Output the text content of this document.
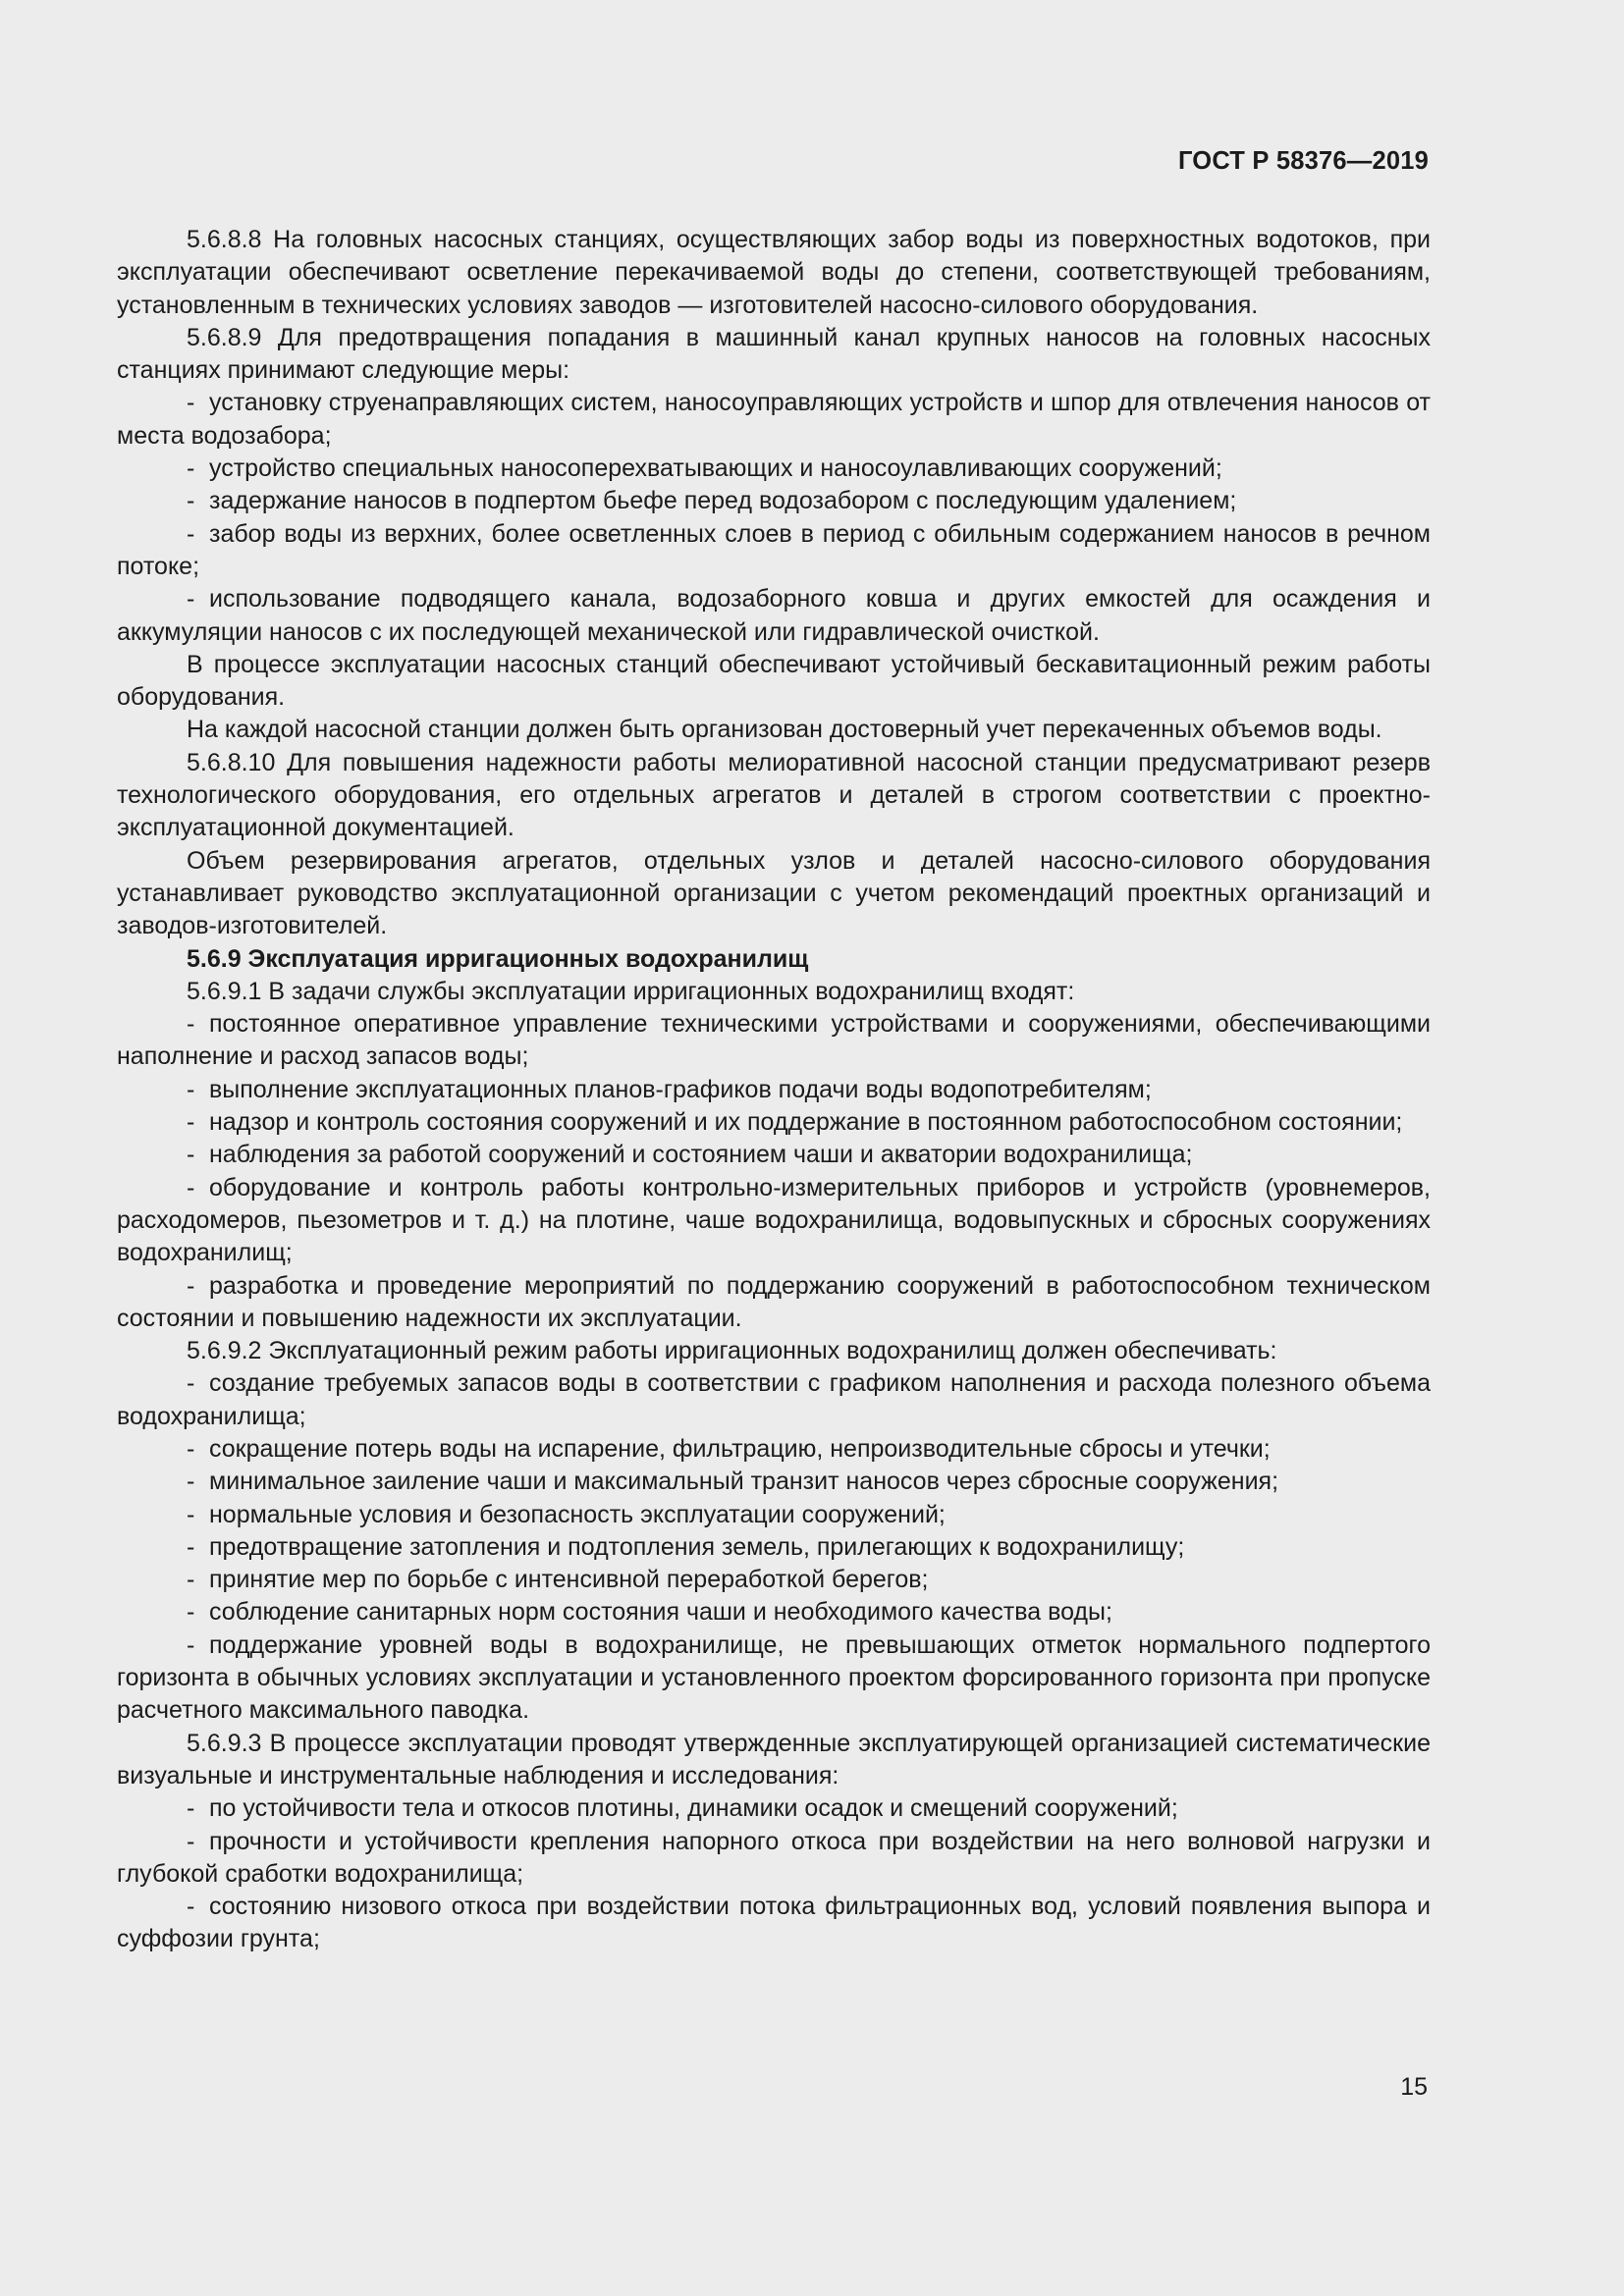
ГОСТ Р 58376—2019

5.6.8.8 На головных насосных станциях, осуществляющих забор воды из поверхностных водотоков, при эксплуатации обеспечивают осветление перекачиваемой воды до степени, соответствующей требованиям, установленным в технических условиях заводов — изготовителей насосно-силового оборудования.

5.6.8.9 Для предотвращения попадания в машинный канал крупных наносов на головных насосных станциях принимают следующие меры:

- установку струенаправляющих систем, наносоуправляющих устройств и шпор для отвлечения наносов от места водозабора;

- устройство специальных наносоперехватывающих и наносоулавливающих сооружений;

- задержание наносов в подпертом бьефе перед водозабором с последующим удалением;

- забор воды из верхних, более осветленных слоев в период с обильным содержанием наносов в речном потоке;

- использование подводящего канала, водозаборного ковша и других емкостей для осаждения и аккумуляции наносов с их последующей механической или гидравлической очисткой.

В процессе эксплуатации насосных станций обеспечивают устойчивый бескавитационный режим работы оборудования.

На каждой насосной станции должен быть организован достоверный учет перекаченных объемов воды.

5.6.8.10 Для повышения надежности работы мелиоративной насосной станции предусматривают резерв технологического оборудования, его отдельных агрегатов и деталей в строгом соответствии с проектно-эксплуатационной документацией.

Объем резервирования агрегатов, отдельных узлов и деталей насосно-силового оборудования устанавливает руководство эксплуатационной организации с учетом рекомендаций проектных организаций и заводов-изготовителей.

5.6.9 Эксплуатация ирригационных водохранилищ

5.6.9.1 В задачи службы эксплуатации ирригационных водохранилищ входят:

- постоянное оперативное управление техническими устройствами и сооружениями, обеспечивающими наполнение и расход запасов воды;

- выполнение эксплуатационных планов-графиков подачи воды водопотребителям;

- надзор и контроль состояния сооружений и их поддержание в постоянном работоспособном состоянии;

- наблюдения за работой сооружений и состоянием чаши и акватории водохранилища;

- оборудование и контроль работы контрольно-измерительных приборов и устройств (уровнемеров, расходомеров, пьезометров и т. д.) на плотине, чаше водохранилища, водовыпускных и сбросных сооружениях водохранилищ;

- разработка и проведение мероприятий по поддержанию сооружений в работоспособном техническом состоянии и повышению надежности их эксплуатации.

5.6.9.2 Эксплуатационный режим работы ирригационных водохранилищ должен обеспечивать:

- создание требуемых запасов воды в соответствии с графиком наполнения и расхода полезного объема водохранилища;

- сокращение потерь воды на испарение, фильтрацию, непроизводительные сбросы и утечки;

- минимальное заиление чаши и максимальный транзит наносов через сбросные сооружения;

- нормальные условия и безопасность эксплуатации сооружений;

- предотвращение затопления и подтопления земель, прилегающих к водохранилищу;

- принятие мер по борьбе с интенсивной переработкой берегов;

- соблюдение санитарных норм состояния чаши и необходимого качества воды;

- поддержание уровней воды в водохранилище, не превышающих отметок нормального подпертого горизонта в обычных условиях эксплуатации и установленного проектом форсированного горизонта при пропуске расчетного максимального паводка.

5.6.9.3 В процессе эксплуатации проводят утвержденные эксплуатирующей организацией систематические визуальные и инструментальные наблюдения и исследования:

- по устойчивости тела и откосов плотины, динамики осадок и смещений сооружений;

- прочности и устойчивости крепления напорного откоса при воздействии на него волновой нагрузки и глубокой сработки водохранилища;

- состоянию низового откоса при воздействии потока фильтрационных вод, условий появления выпора и суффозии грунта;

15
